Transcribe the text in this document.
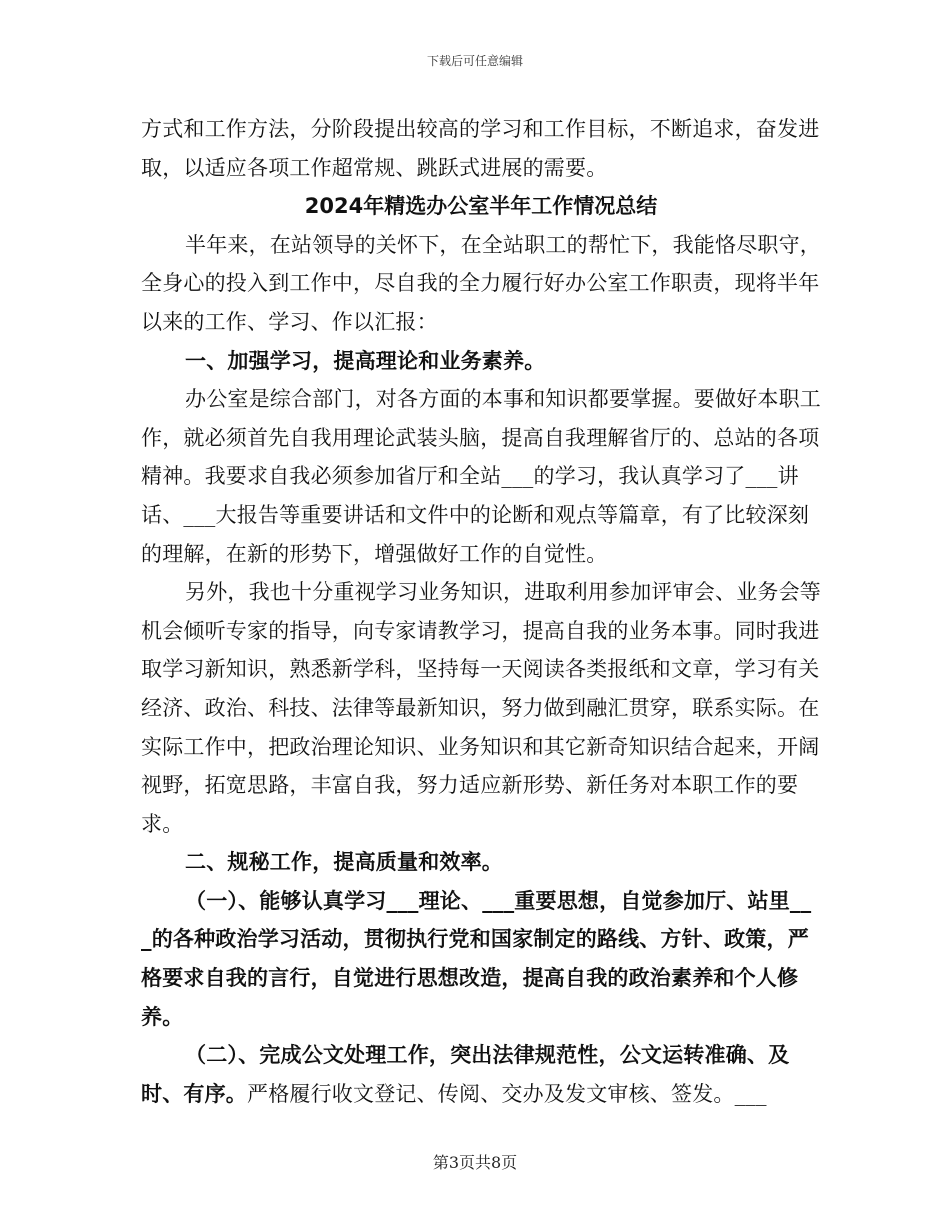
下载后可任意编辑

方式和工作方法，分阶段提出较高的学习和工作目标，不断追求，奋发进取，以适应各项工作超常规、跳跃式进展的需要。

2024年精选办公室半年工作情况总结

半年来，在站领导的关怀下，在全站职工的帮忙下，我能恪尽职守，全身心的投入到工作中，尽自我的全力履行好办公室工作职责，现将半年以来的工作、学习、作以汇报：

一、加强学习，提高理论和业务素养。

办公室是综合部门，对各方面的本事和知识都要掌握。要做好本职工作，就必须首先自我用理论武装头脑，提高自我理解省厅的、总站的各项精神。我要求自我必须参加省厅和全站___的学习，我认真学习了___讲话、___大报告等重要讲话和文件中的论断和观点等篇章，有了比较深刻的理解，在新的形势下，增强做好工作的自觉性。

另外，我也十分重视学习业务知识，进取利用参加评审会、业务会等机会倾听专家的指导，向专家请教学习，提高自我的业务本事。同时我进取学习新知识，熟悉新学科，坚持每一天阅读各类报纸和文章，学习有关经济、政治、科技、法律等最新知识，努力做到融汇贯穿，联系实际。在实际工作中，把政治理论知识、业务知识和其它新奇知识结合起来，开阔视野，拓宽思路，丰富自我，努力适应新形势、新任务对本职工作的要求。

二、规秘工作，提高质量和效率。

（一）、能够认真学习___理论、___重要思想，自觉参加厅、站里___的各种政治学习活动，贯彻执行党和国家制定的路线、方针、政策，严格要求自我的言行，自觉进行思想改造，提高自我的政治素养和个人修养。

（二）、完成公文处理工作，突出法律规范性，公文运转准确、及时、有序。严格履行收文登记、传阅、交办及发文审核、签发。___

第3页共8页
